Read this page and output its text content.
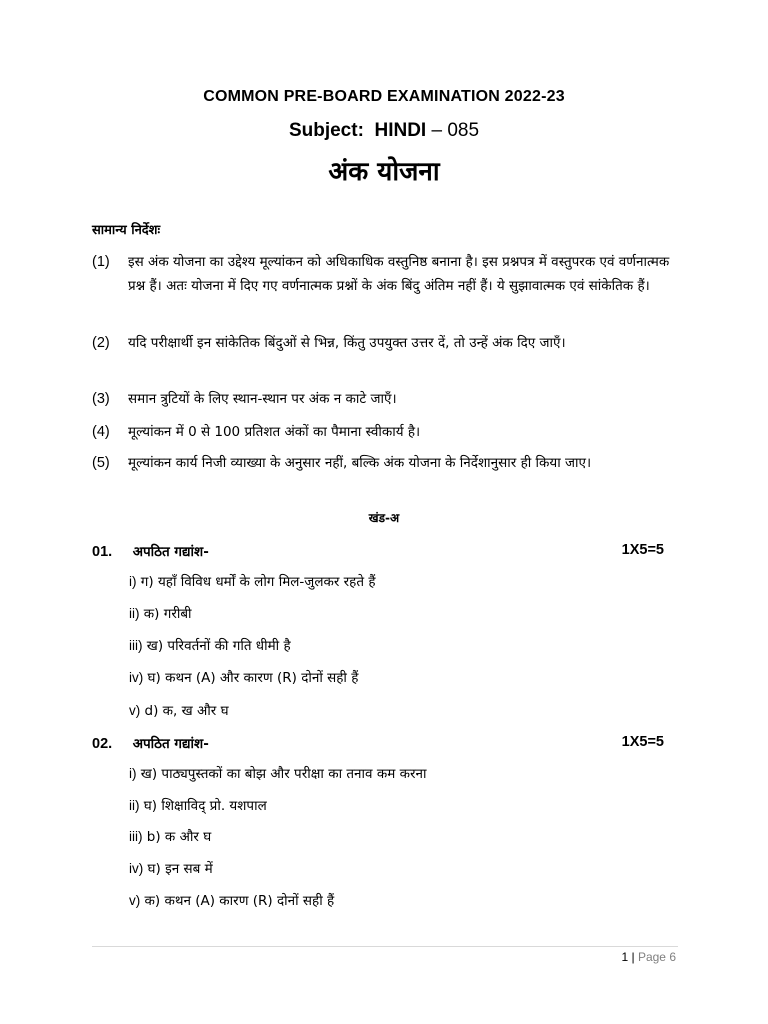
COMMON PRE-BOARD EXAMINATION 2022-23
Subject: HINDI – 085
अंक योजना
सामान्य निर्देशः
(1)	इस अंक योजना का उद्देश्य मूल्यांकन को अधिकाधिक वस्तुनिष्ठ बनाना है। इस प्रश्नपत्र में वस्तुपरक एवं वर्णनात्मक प्रश्न हैं। अतः योजना में दिए गए वर्णनात्मक प्रश्नों के अंक बिंदु अंतिम नहीं हैं। ये सुझावात्मक एवं सांकेतिक हैं।
(2)	यदि परीक्षार्थी इन सांकेतिक बिंदुओं से भिन्न, किंतु उपयुक्त उत्तर दें, तो उन्हें अंक दिए जाएँ।
(3)	समान त्रुटियों के लिए स्थान-स्थान पर अंक न काटे जाएँ।
(4)	मूल्यांकन में 0 से 100 प्रतिशत अंकों का पैमाना स्वीकार्य है।
(5)	मूल्यांकन कार्य निजी व्याख्या के अनुसार नहीं, बल्कि अंक योजना के निर्देशानुसार ही किया जाए।
खंड-अ
01. अपठित गद्यांश-	1X5=5
i) ग) यहाँ विविध धर्मों के लोग मिल-जुलकर रहते हैं
ii) क) गरीबी
iii) ख) परिवर्तनों की गति धीमी है
iv) घ) कथन (A) और कारण (R) दोनों सही हैं
v) d) क, ख और घ
02. अपठित गद्यांश-	1X5=5
i) ख) पाठ्यपुस्तकों का बोझ और परीक्षा का तनाव कम करना
ii) घ) शिक्षाविद् प्रो. यशपाल
iii) b) क और घ
iv) घ) इन सब में
v) क) कथन (A) कारण (R) दोनों सही हैं
1 | Page 6
